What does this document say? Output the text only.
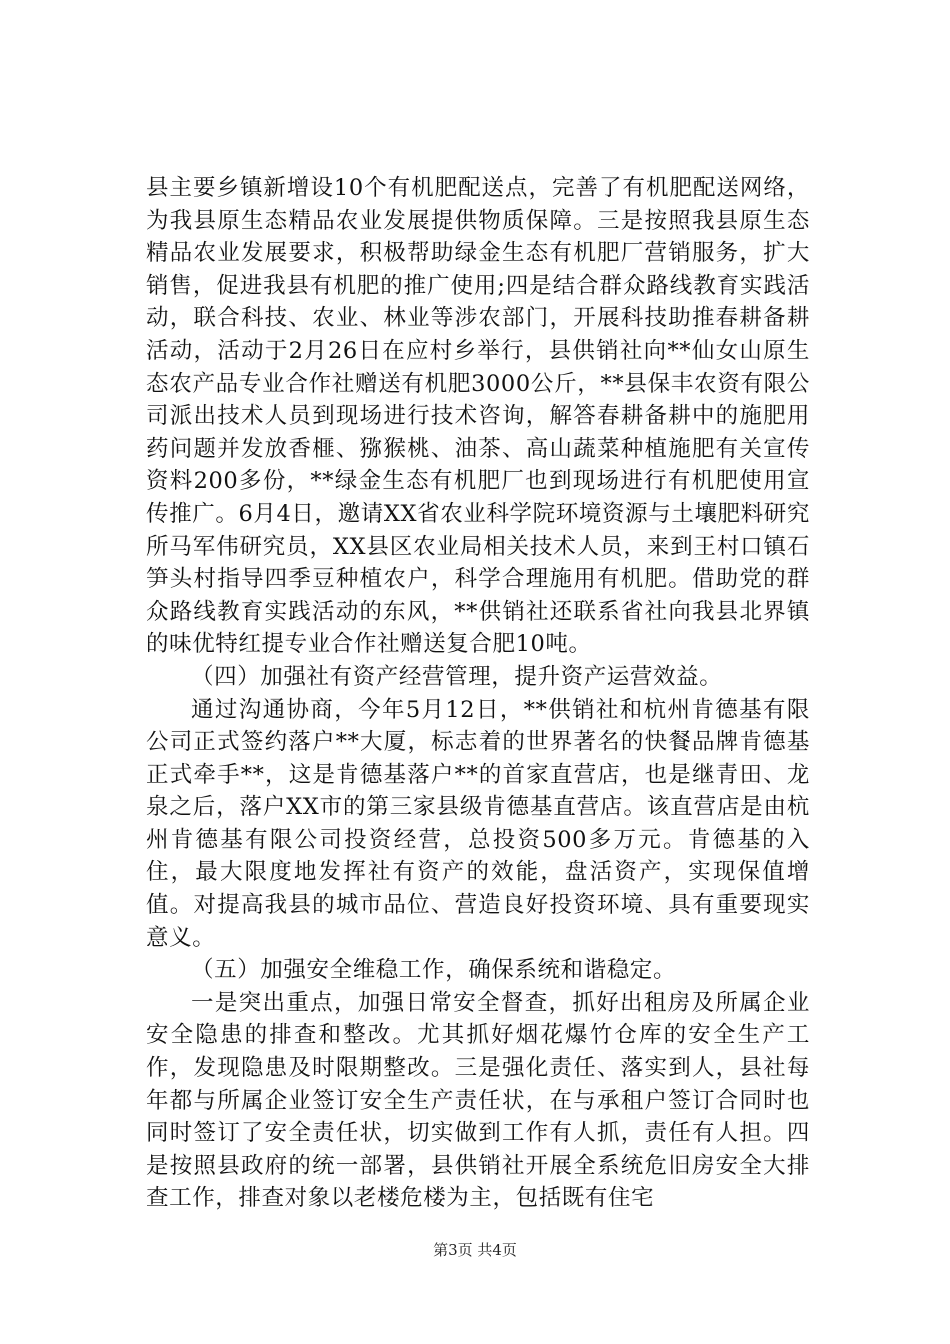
县主要乡镇新增设10个有机肥配送点，完善了有机肥配送网络，为我县原生态精品农业发展提供物质保障。三是按照我县原生态精品农业发展要求，积极帮助绿金生态有机肥厂营销服务，扩大销售，促进我县有机肥的推广使用;四是结合群众路线教育实践活动，联合科技、农业、林业等涉农部门，开展科技助推春耕备耕活动，活动于2月26日在应村乡举行，县供销社向**仙女山原生态农产品专业合作社赠送有机肥3000公斤，**县保丰农资有限公司派出技术人员到现场进行技术咨询，解答春耕备耕中的施肥用药问题并发放香榧、猕猴桃、油茶、高山蔬菜种植施肥有关宣传资料200多份，**绿金生态有机肥厂也到现场进行有机肥使用宣传推广。6月4日，邀请XX省农业科学院环境资源与土壤肥料研究所马军伟研究员，XX县区农业局相关技术人员，来到王村口镇石笋头村指导四季豆种植农户，科学合理施用有机肥。借助党的群众路线教育实践活动的东风，**供销社还联系省社向我县北界镇的味优特红提专业合作社赠送复合肥10吨。

（四）加强社有资产经营管理，提升资产运营效益。

通过沟通协商，今年5月12日，**供销社和杭州肯德基有限公司正式签约落户**大厦，标志着的世界著名的快餐品牌肯德基正式牵手**，这是肯德基落户**的首家直营店，也是继青田、龙泉之后，落户XX市的第三家县级肯德基直营店。该直营店是由杭州肯德基有限公司投资经营，总投资500多万元。肯德基的入住，最大限度地发挥社有资产的效能，盘活资产，实现保值增值。对提高我县的城市品位、营造良好投资环境、具有重要现实意义。

（五）加强安全维稳工作，确保系统和谐稳定。

一是突出重点，加强日常安全督查，抓好出租房及所属企业安全隐患的排查和整改。尤其抓好烟花爆竹仓库的安全生产工作，发现隐患及时限期整改。三是强化责任、落实到人，县社每年都与所属企业签订安全生产责任状，在与承租户签订合同时也同时签订了安全责任状，切实做到工作有人抓，责任有人担。四是按照县政府的统一部署，县供销社开展全系统危旧房安全大排查工作，排查对象以老楼危楼为主，包括既有住宅

第3页 共4页
